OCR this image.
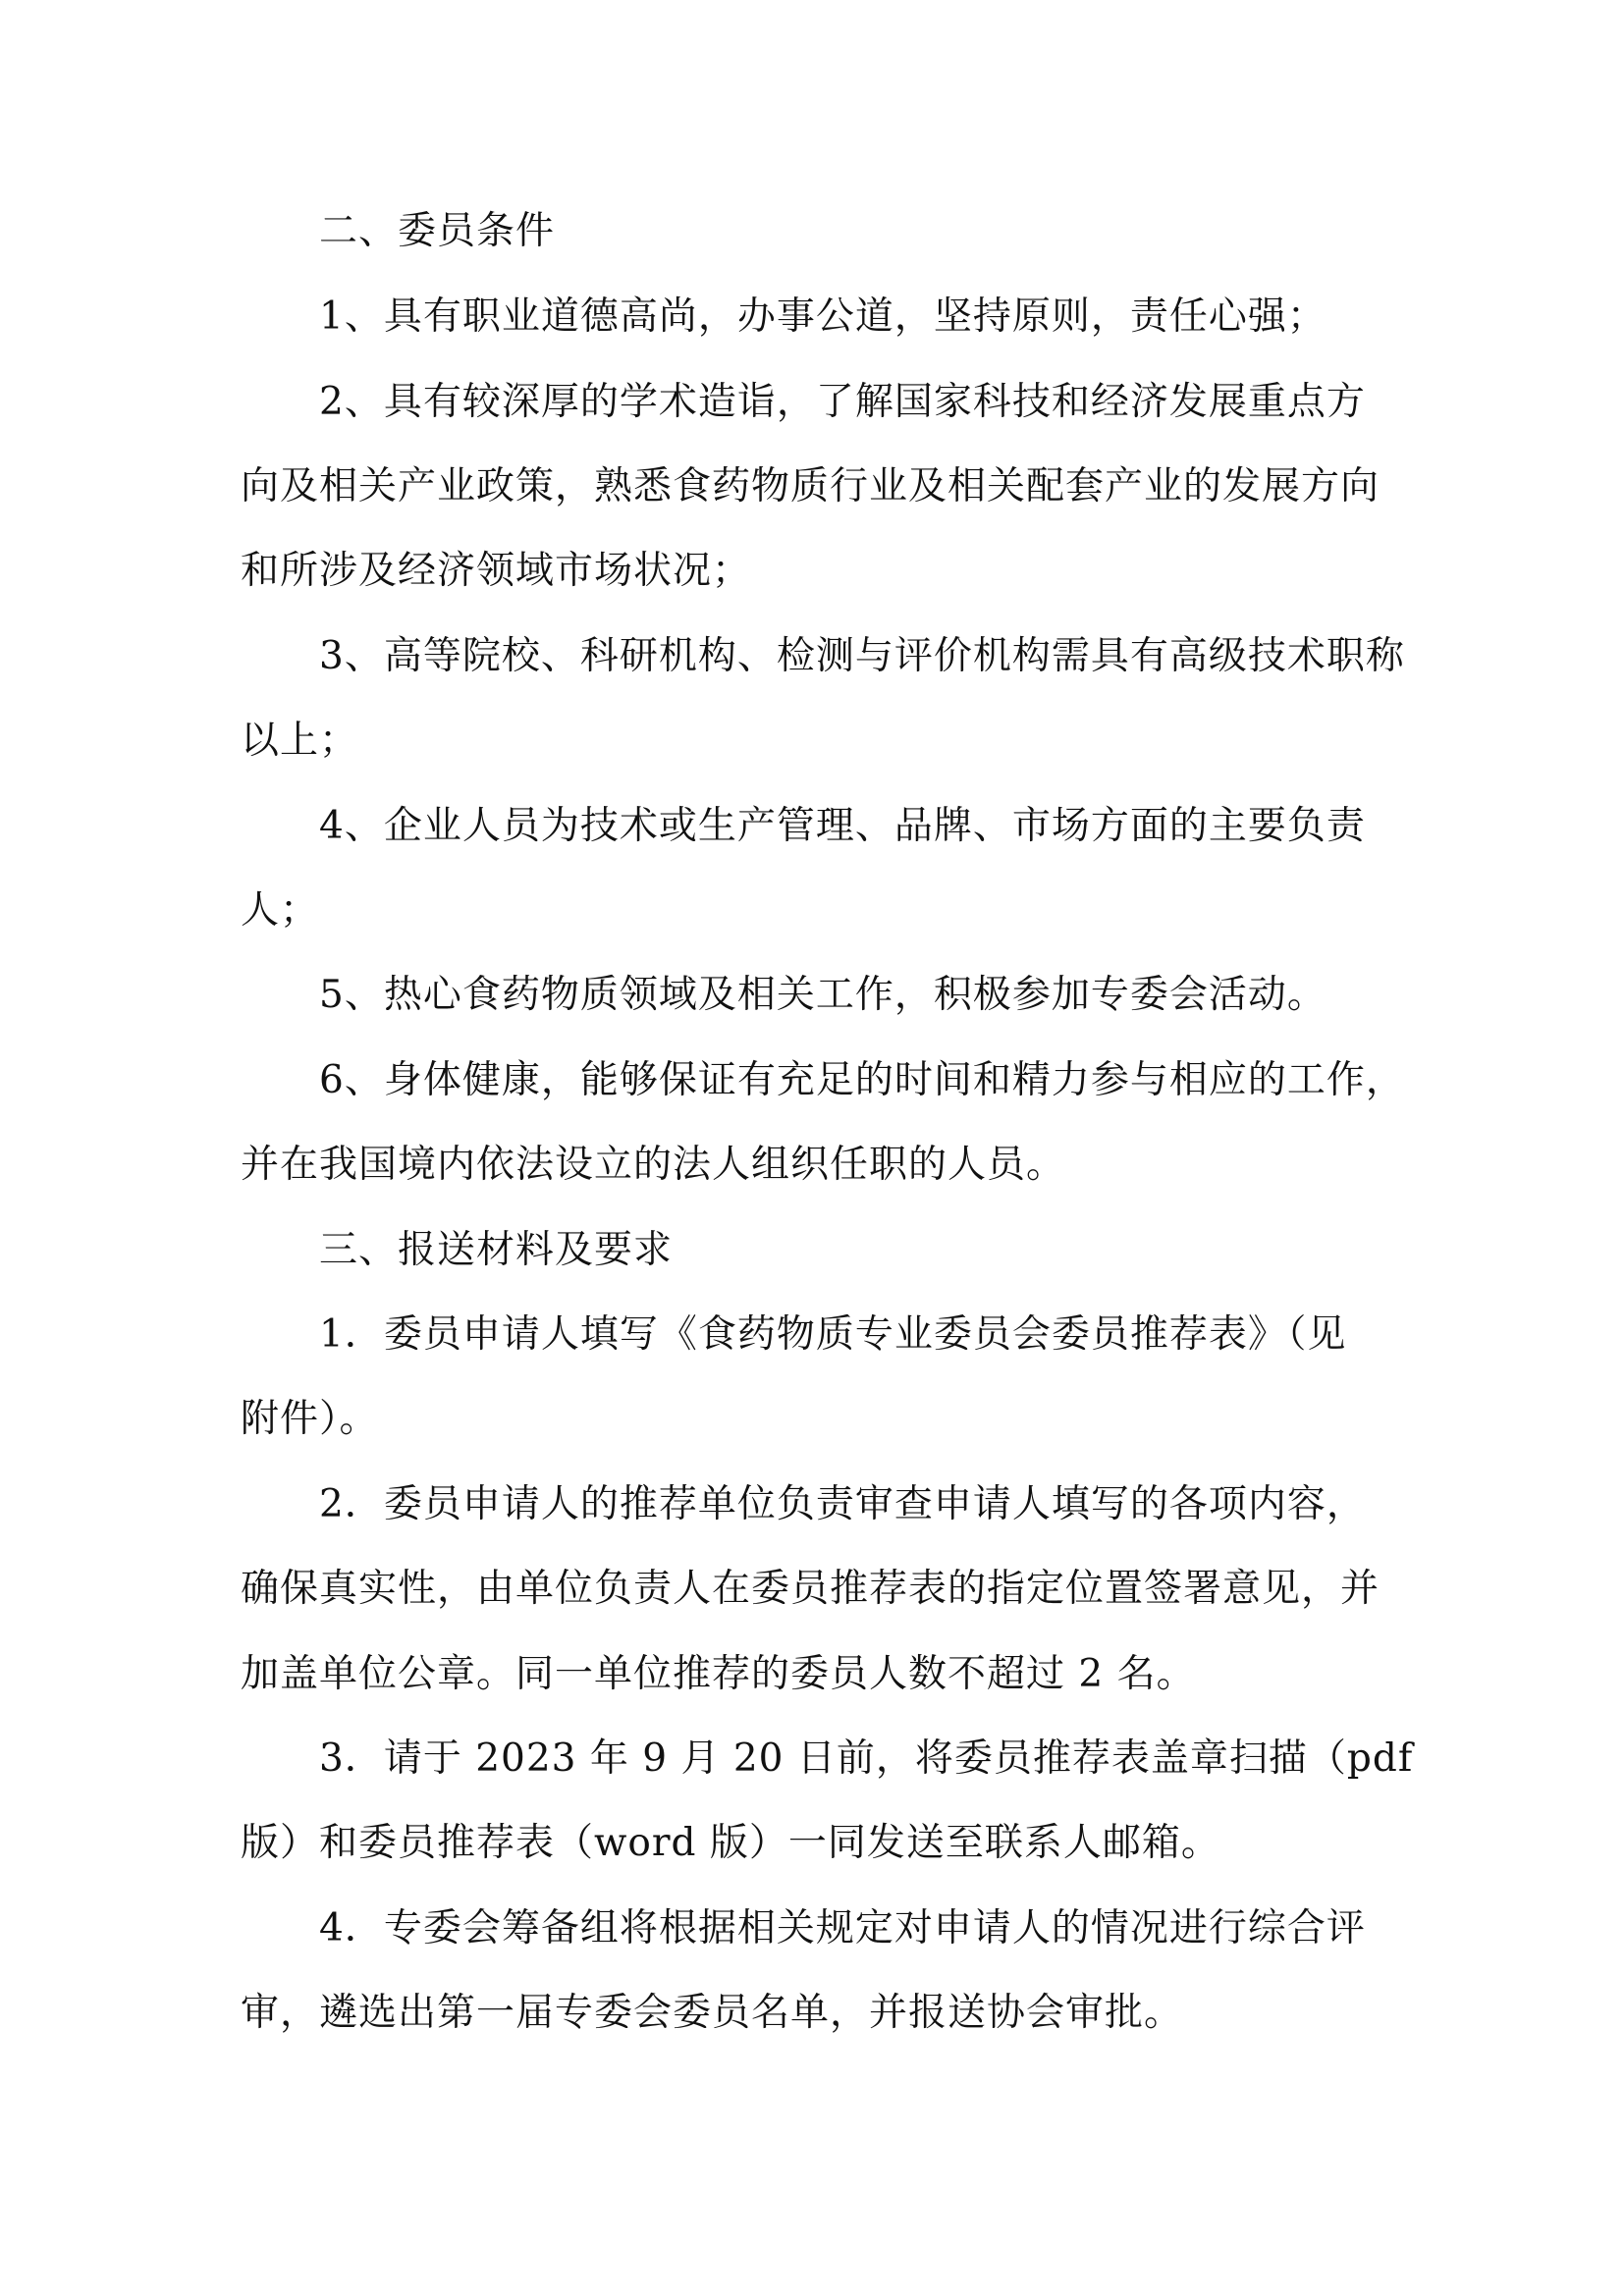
二、委员条件
1、具有职业道德高尚，办事公道，坚持原则，责任心强；
2、具有较深厚的学术造诣，了解国家科技和经济发展重点方
向及相关产业政策，熟悉食药物质行业及相关配套产业的发展方向
和所涉及经济领域市场状况；
3、高等院校、科研机构、检测与评价机构需具有高级技术职称
以上；
4、企业人员为技术或生产管理、品牌、市场方面的主要负责
人；
5、热心食药物质领域及相关工作，积极参加专委会活动。
6、身体健康，能够保证有充足的时间和精力参与相应的工作，
并在我国境内依法设立的法人组织任职的人员。
三、报送材料及要求
1．委员申请人填写《食药物质专业委员会委员推荐表》（见
附件）。
2．委员申请人的推荐单位负责审查申请人填写的各项内容，
确保真实性，由单位负责人在委员推荐表的指定位置签署意见，并
加盖单位公章。同一单位推荐的委员人数不超过 2 名。
3．请于 2023 年 9 月 20 日前，将委员推荐表盖章扫描（pdf
版）和委员推荐表（word 版）一同发送至联系人邮箱。
4．专委会筹备组将根据相关规定对申请人的情况进行综合评
审，遴选出第一届专委会委员名单，并报送协会审批。
